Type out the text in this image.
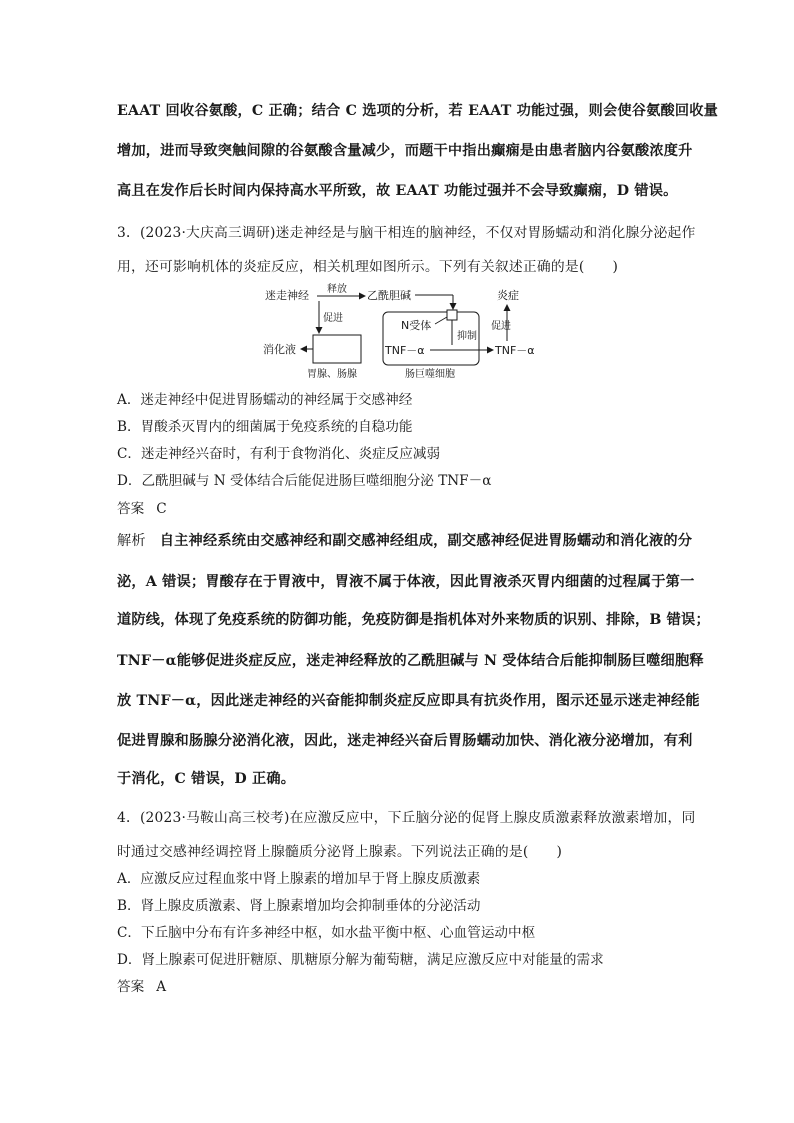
EAAT 回收谷氨酸，C 正确；结合 C 选项的分析，若 EAAT 功能过强，则会使谷氨酸回收量
增加，进而导致突触间隙的谷氨酸含量减少，而题干中指出癫痫是由患者脑内谷氨酸浓度升
高且在发作后长时间内保持高水平所致，故 EAAT 功能过强并不会导致癫痫，D 错误。
3．(2023·大庆高三调研)迷走神经是与脑干相连的脑神经，不仅对胃肠蠕动和消化腺分泌起作
用，还可影响机体的炎症反应，相关机理如图所示。下列有关叙述正确的是(　　)
迷走神经 释放 乙酰胆碱
促进
消化液
胃腺、肠腺
N受体
抑制
TNF－α
肠巨噬细胞
TNF－α
促进
炎症
A．迷走神经中促进胃肠蠕动的神经属于交感神经
B．胃酸杀灭胃内的细菌属于免疫系统的自稳功能
C．迷走神经兴奋时，有利于食物消化、炎症反应减弱
D．乙酰胆碱与 N 受体结合后能促进肠巨噬细胞分泌 TNF－α
答案 C
解析 自主神经系统由交感神经和副交感神经组成，副交感神经促进胃肠蠕动和消化液的分
泌，A 错误；胃酸存在于胃液中，胃液不属于体液，因此胃液杀灭胃内细菌的过程属于第一
道防线，体现了免疫系统的防御功能，免疫防御是指机体对外来物质的识别、排除，B 错误；
TNF－α能够促进炎症反应，迷走神经释放的乙酰胆碱与 N 受体结合后能抑制肠巨噬细胞释
放 TNF－α，因此迷走神经的兴奋能抑制炎症反应即具有抗炎作用，图示还显示迷走神经能
促进胃腺和肠腺分泌消化液，因此，迷走神经兴奋后胃肠蠕动加快、消化液分泌增加，有利
于消化，C 错误，D 正确。
4．(2023·马鞍山高三校考)在应激反应中，下丘脑分泌的促肾上腺皮质激素释放激素增加，同
时通过交感神经调控肾上腺髓质分泌肾上腺素。下列说法正确的是(　　)
A．应激反应过程血浆中肾上腺素的增加早于肾上腺皮质激素
B．肾上腺皮质激素、肾上腺素增加均会抑制垂体的分泌活动
C．下丘脑中分布有许多神经中枢，如水盐平衡中枢、心血管运动中枢
D．肾上腺素可促进肝糖原、肌糖原分解为葡萄糖，满足应激反应中对能量的需求
答案 A
